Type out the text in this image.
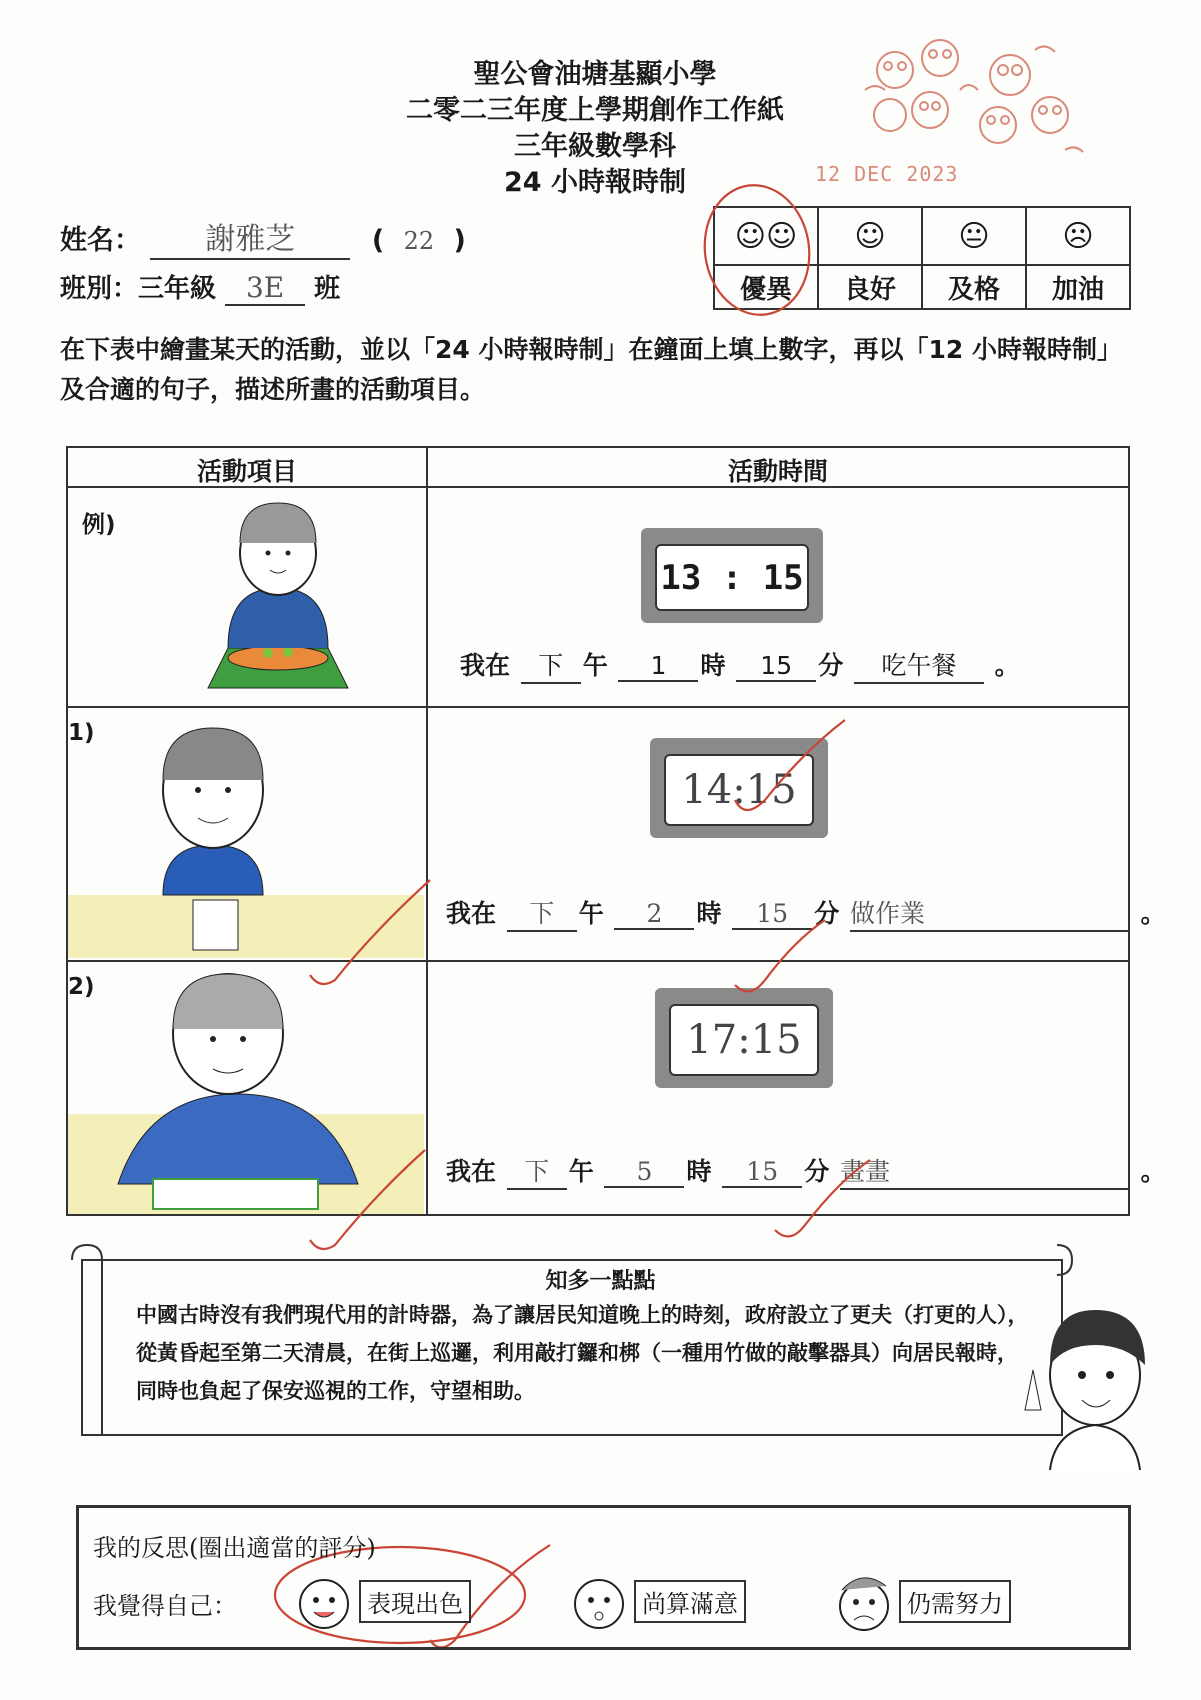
聖公會油塘基顯小學
二零二三年度上學期創作工作紙
三年級數學科
24 小時報時制	12 DEC 2023
姓名： 謝雅芝	( 22 )
班別：三年級 3E 班
☺☺	☺	😐	☹
優異	良好	及格	加油
在下表中繪畫某天的活動，並以「24 小時報時制」在鐘面上填上數字，再以「12 小時報時制」及合適的句子，描述所畫的活動項目。
活動項目	活動時間
例)
13 : 15
我在 下 午 1 時 15 分 吃午餐 。
1)
14:15
我在 下 午 2 時 15 分 做作業	。
2)
17:15
我在 下 午 5 時 15 分 畫畫	。
知多一點點
中國古時沒有我們現代用的計時器，為了讓居民知道晚上的時刻，政府設立了更夫（打更的人），從黃昏起至第二天清晨，在街上巡邏，利用敲打鑼和梆（一種用竹做的敲擊器具）向居民報時，同時也負起了保安巡視的工作，守望相助。
我的反思(圈出適當的評分)
我覺得自己：	表現出色	尚算滿意	仍需努力
